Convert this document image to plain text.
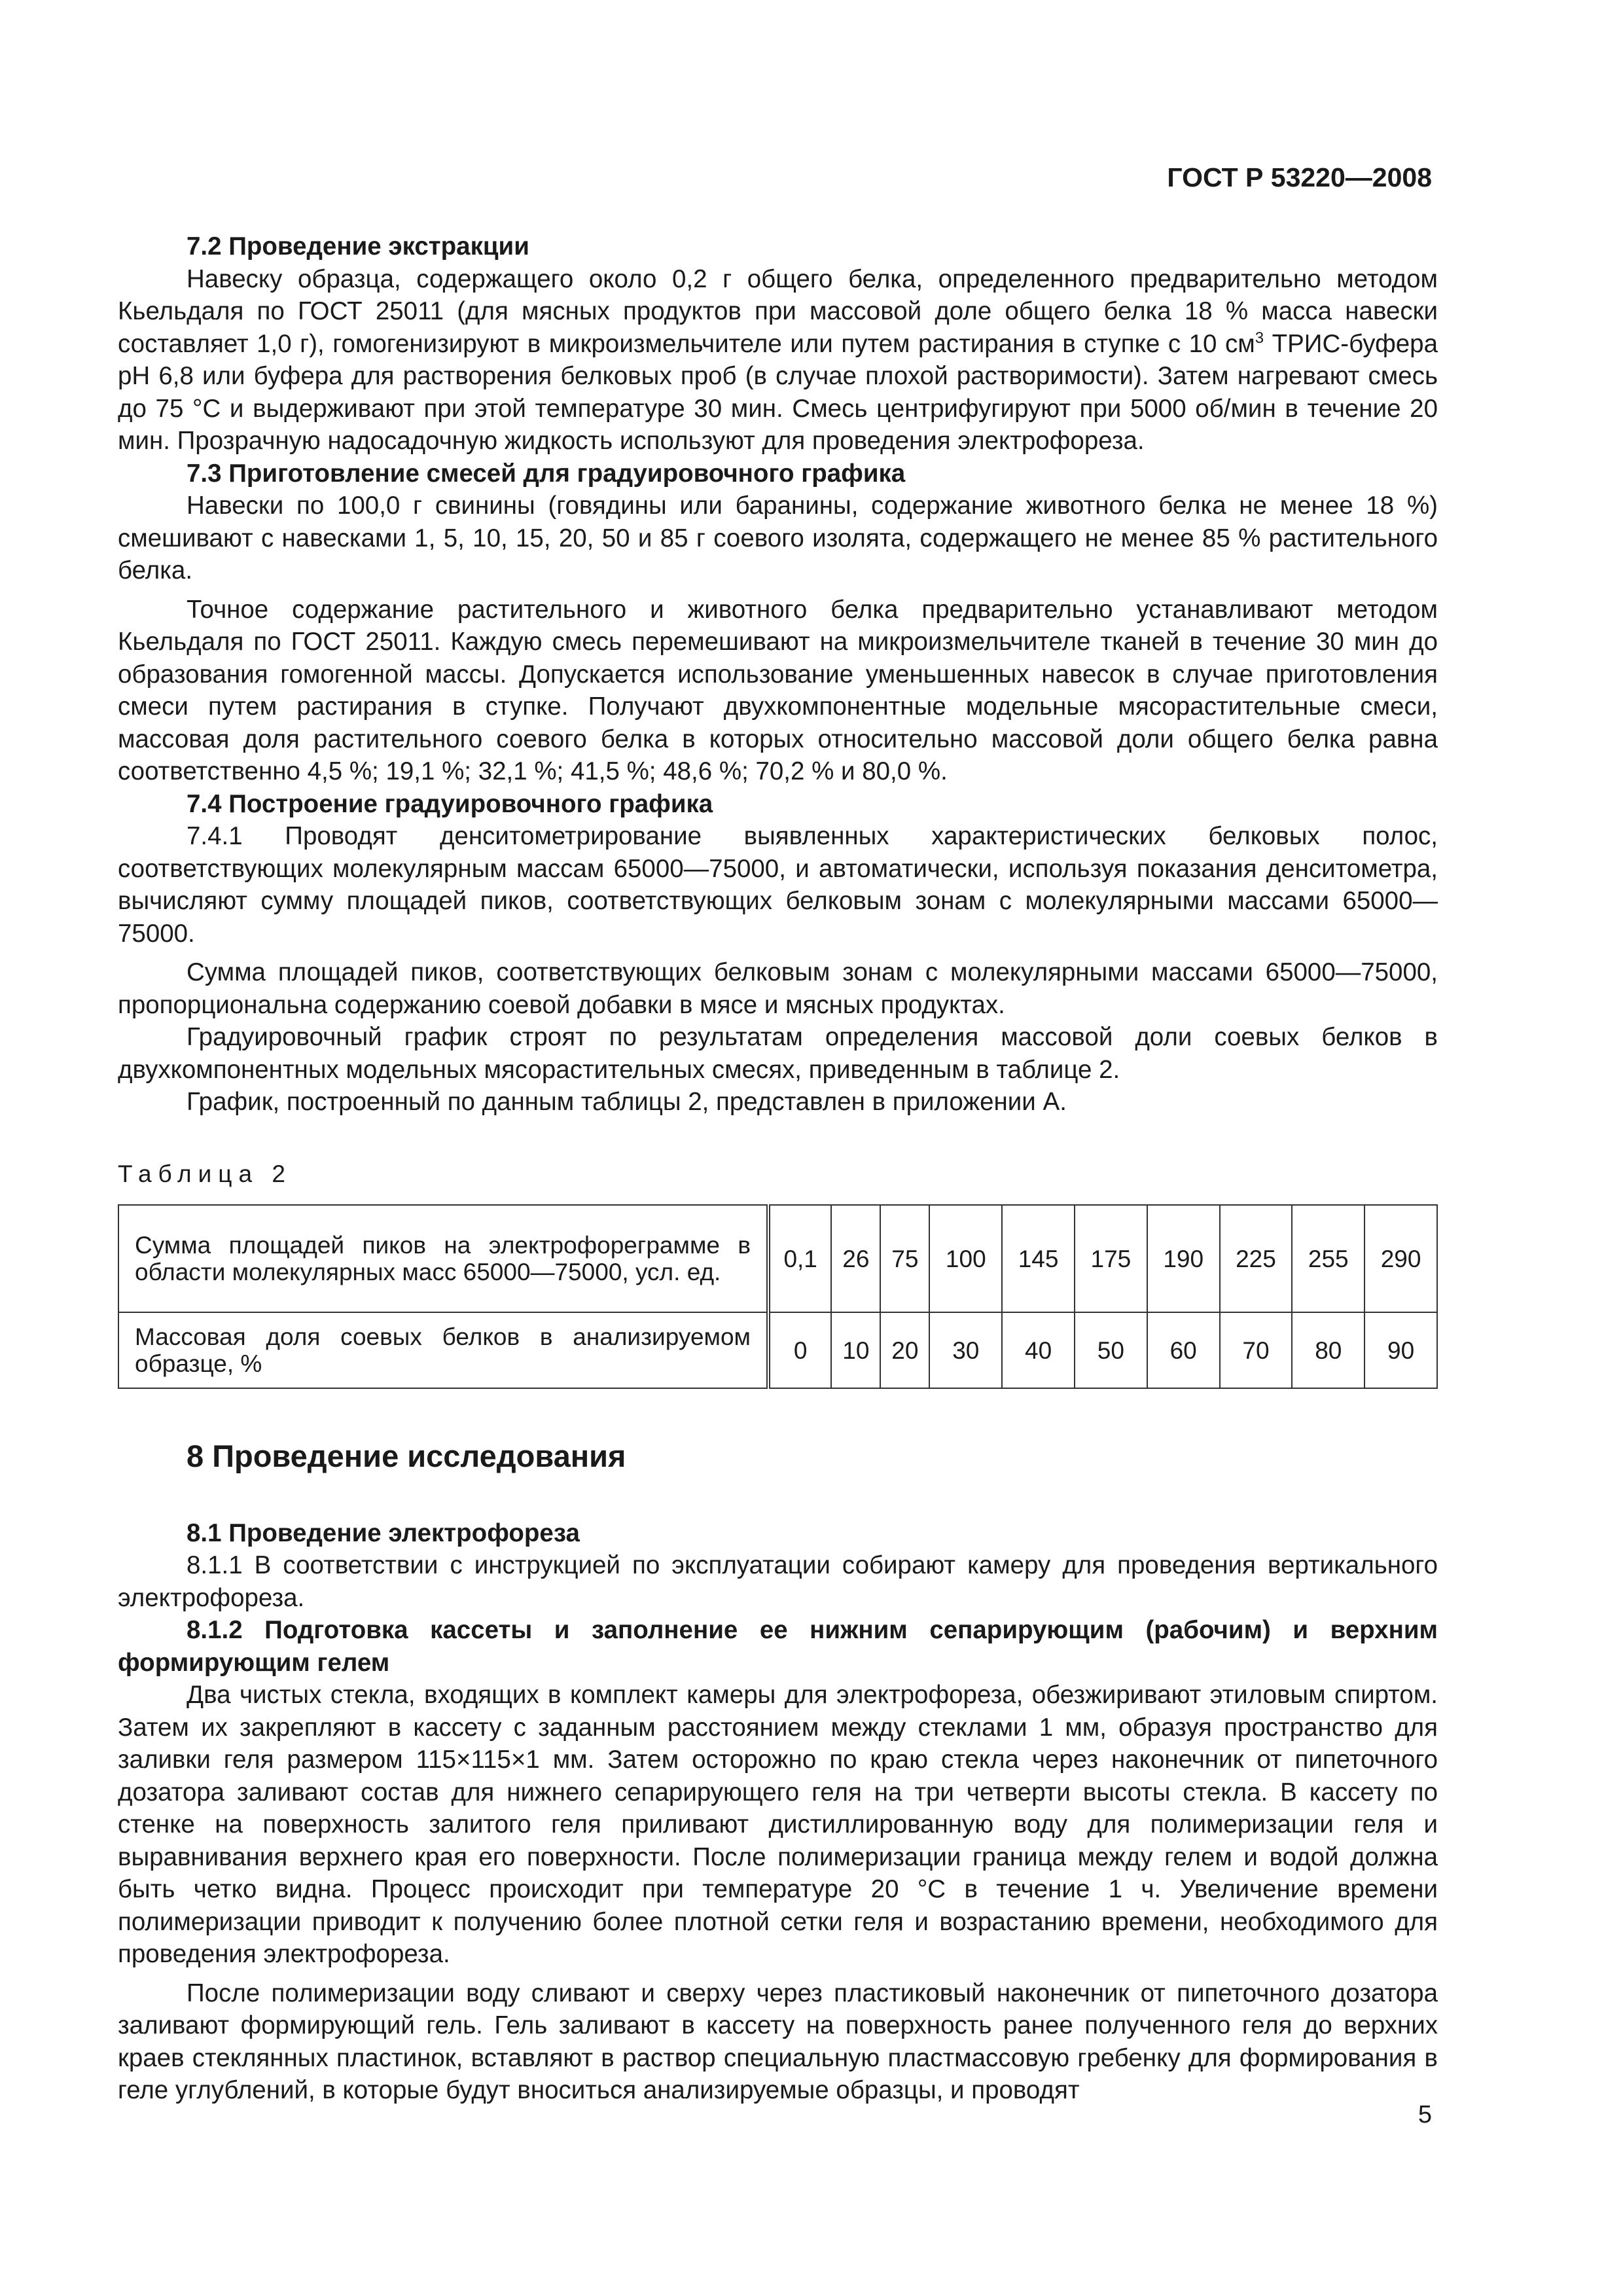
ГОСТ Р 53220—2008
7.2 Проведение экстракции

Навеску образца, содержащего около 0,2 г общего белка, определенного предварительно методом Кьельдаля по ГОСТ 25011 (для мясных продуктов при массовой доле общего белка 18 % масса навески составляет 1,0 г), гомогенизируют в микроизмельчителе или путем растирания в ступке с 10 $см^3$ ТРИС-буфера рН 6,8 или буфера для растворения белковых проб (в случае плохой растворимости). Затем нагревают смесь до 75 °С и выдерживают при этой температуре 30 мин. Смесь центрифугируют при 5000 об/мин в течение 20 мин. Прозрачную надосадочную жидкость используют для проведения электрофореза.

7.3 Приготовление смесей для градуировочного графика

Навески по 100,0 г свинины (говядины или баранины, содержание животного белка не менее 18 %) смешивают с навесками 1, 5, 10, 15, 20, 50 и 85 г соевого изолята, содержащего не менее 85 % растительного белка.

Точное содержание растительного и животного белка предварительно устанавливают методом Кьельдаля по ГОСТ 25011. Каждую смесь перемешивают на микроизмельчителе тканей в течение 30 мин до образования гомогенной массы. Допускается использование уменьшенных навесок в случае приготовления смеси путем растирания в ступке. Получают двухкомпонентные модельные мясорастительные смеси, массовая доля растительного соевого белка в которых относительно массовой доли общего белка равна соответственно 4,5 %; 19,1 %; 32,1 %; 41,5 %; 48,6 %; 70,2 % и 80,0 %.

7.4 Построение градуировочного графика

7.4.1 Проводят денситометрирование выявленных характеристических белковых полос, соответствующих молекулярным массам 65000—75000, и автоматически, используя показания денситометра, вычисляют сумму площадей пиков, соответствующих белковым зонам с молекулярными массами 65000—75000.

Сумма площадей пиков, соответствующих белковым зонам с молекулярными массами 65000—75000, пропорциональна содержанию соевой добавки в мясе и мясных продуктах.

Градуировочный график строят по результатам определения массовой доли соевых белков в двухкомпонентных модельных мясорастительных смесях, приведенным в таблице 2.

График, построенный по данным таблицы 2, представлен в приложении А.

Таблица 2
Сумма площадей пиков на электрофореграмме в области молекулярных масс 65000—75000, усл. ед.	0,1	26	75	100	145	175	190	225	255	290
Массовая доля соевых белков в анализируемом образце, %	0	10	20	30	40	50	60	70	80	90
8 Проведение исследования
8.1 Проведение электрофореза

8.1.1 В соответствии с инструкцией по эксплуатации собирают камеру для проведения вертикального электрофореза.

8.1.2 Подготовка кассеты и заполнение ее нижним сепарирующим (рабочим) и верхним формирующим гелем

Два чистых стекла, входящих в комплект камеры для электрофореза, обезжиривают этиловым спиртом. Затем их закрепляют в кассету с заданным расстоянием между стеклами 1 мм, образуя пространство для заливки геля размером 115×115×1 мм. Затем осторожно по краю стекла через наконечник от пипеточного дозатора заливают состав для нижнего сепарирующего геля на три четверти высоты стекла. В кассету по стенке на поверхность залитого геля приливают дистиллированную воду для полимеризации геля и выравнивания верхнего края его поверхности. После полимеризации граница между гелем и водой должна быть четко видна. Процесс происходит при температуре 20 °С в течение 1 ч. Увеличение времени полимеризации приводит к получению более плотной сетки геля и возрастанию времени, необходимого для проведения электрофореза.

После полимеризации воду сливают и сверху через пластиковый наконечник от пипеточного дозатора заливают формирующий гель. Гель заливают в кассету на поверхность ранее полученного геля до верхних краев стеклянных пластинок, вставляют в раствор специальную пластмассовую гребенку для формирования в геле углублений, в которые будут вноситься анализируемые образцы, и проводят

5
